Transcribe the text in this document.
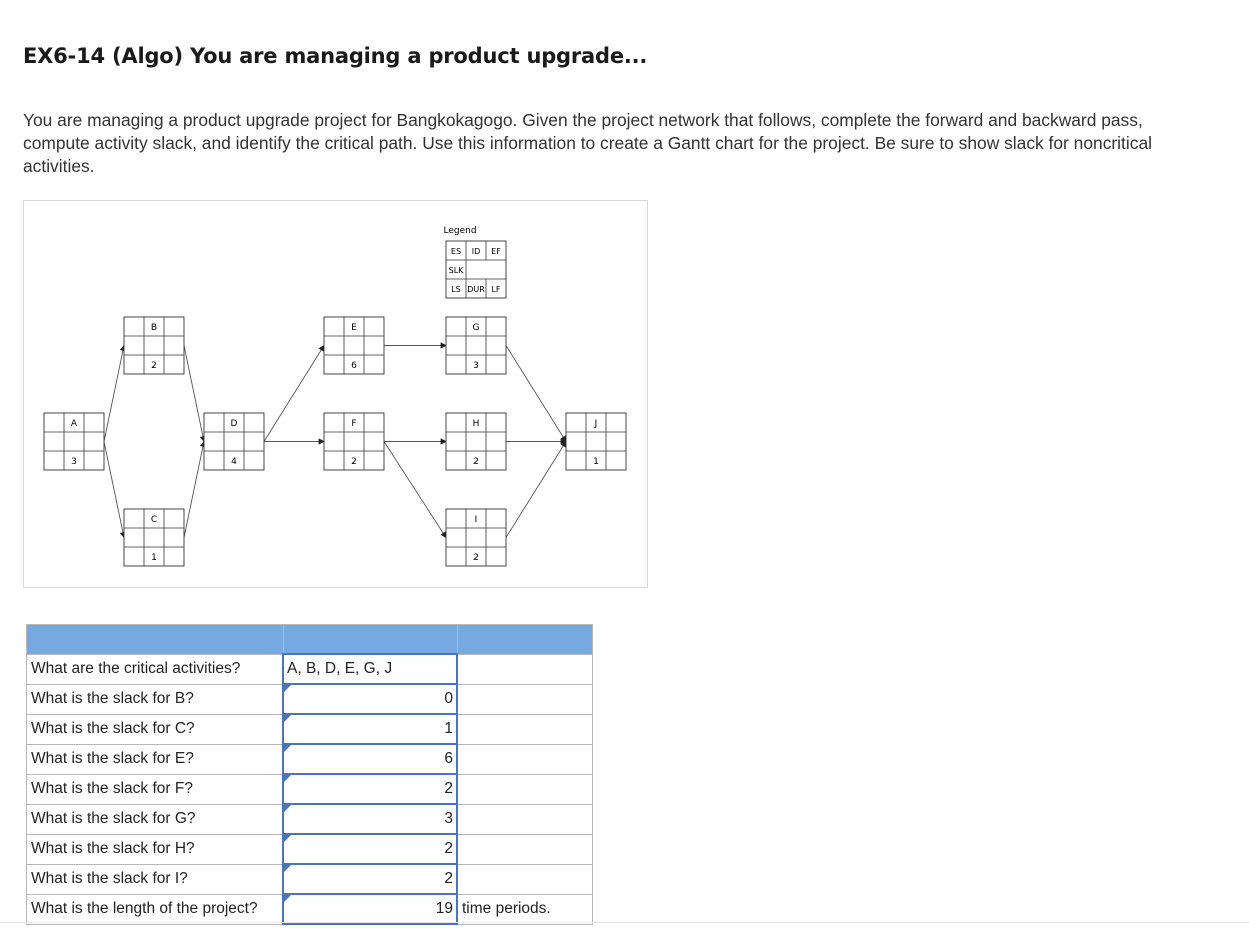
EX6-14 (Algo) You are managing a product upgrade...

You are managing a product upgrade project for Bangkokagogo. Given the project network that follows, complete the forward and backward pass, compute activity slack, and identify the critical path. Use this information to create a Gantt chart for the project. Be sure to show slack for noncritical activities.

Legend
ES ID EF
SLK
LS DUR LF
A
3
B
2
C
1
D
4
E
6
F
2
G
3
H
2
I
2
J
1

What are the critical activities?	A, B, D, E, G, J	

What is the slack for B?	0	

What is the slack for C?	1	

What is the slack for E?	6	

What is the slack for F?	2	

What is the slack for G?	3	

What is the slack for H?	2	

What is the slack for I?	2	

What is the length of the project?	19	time periods.
